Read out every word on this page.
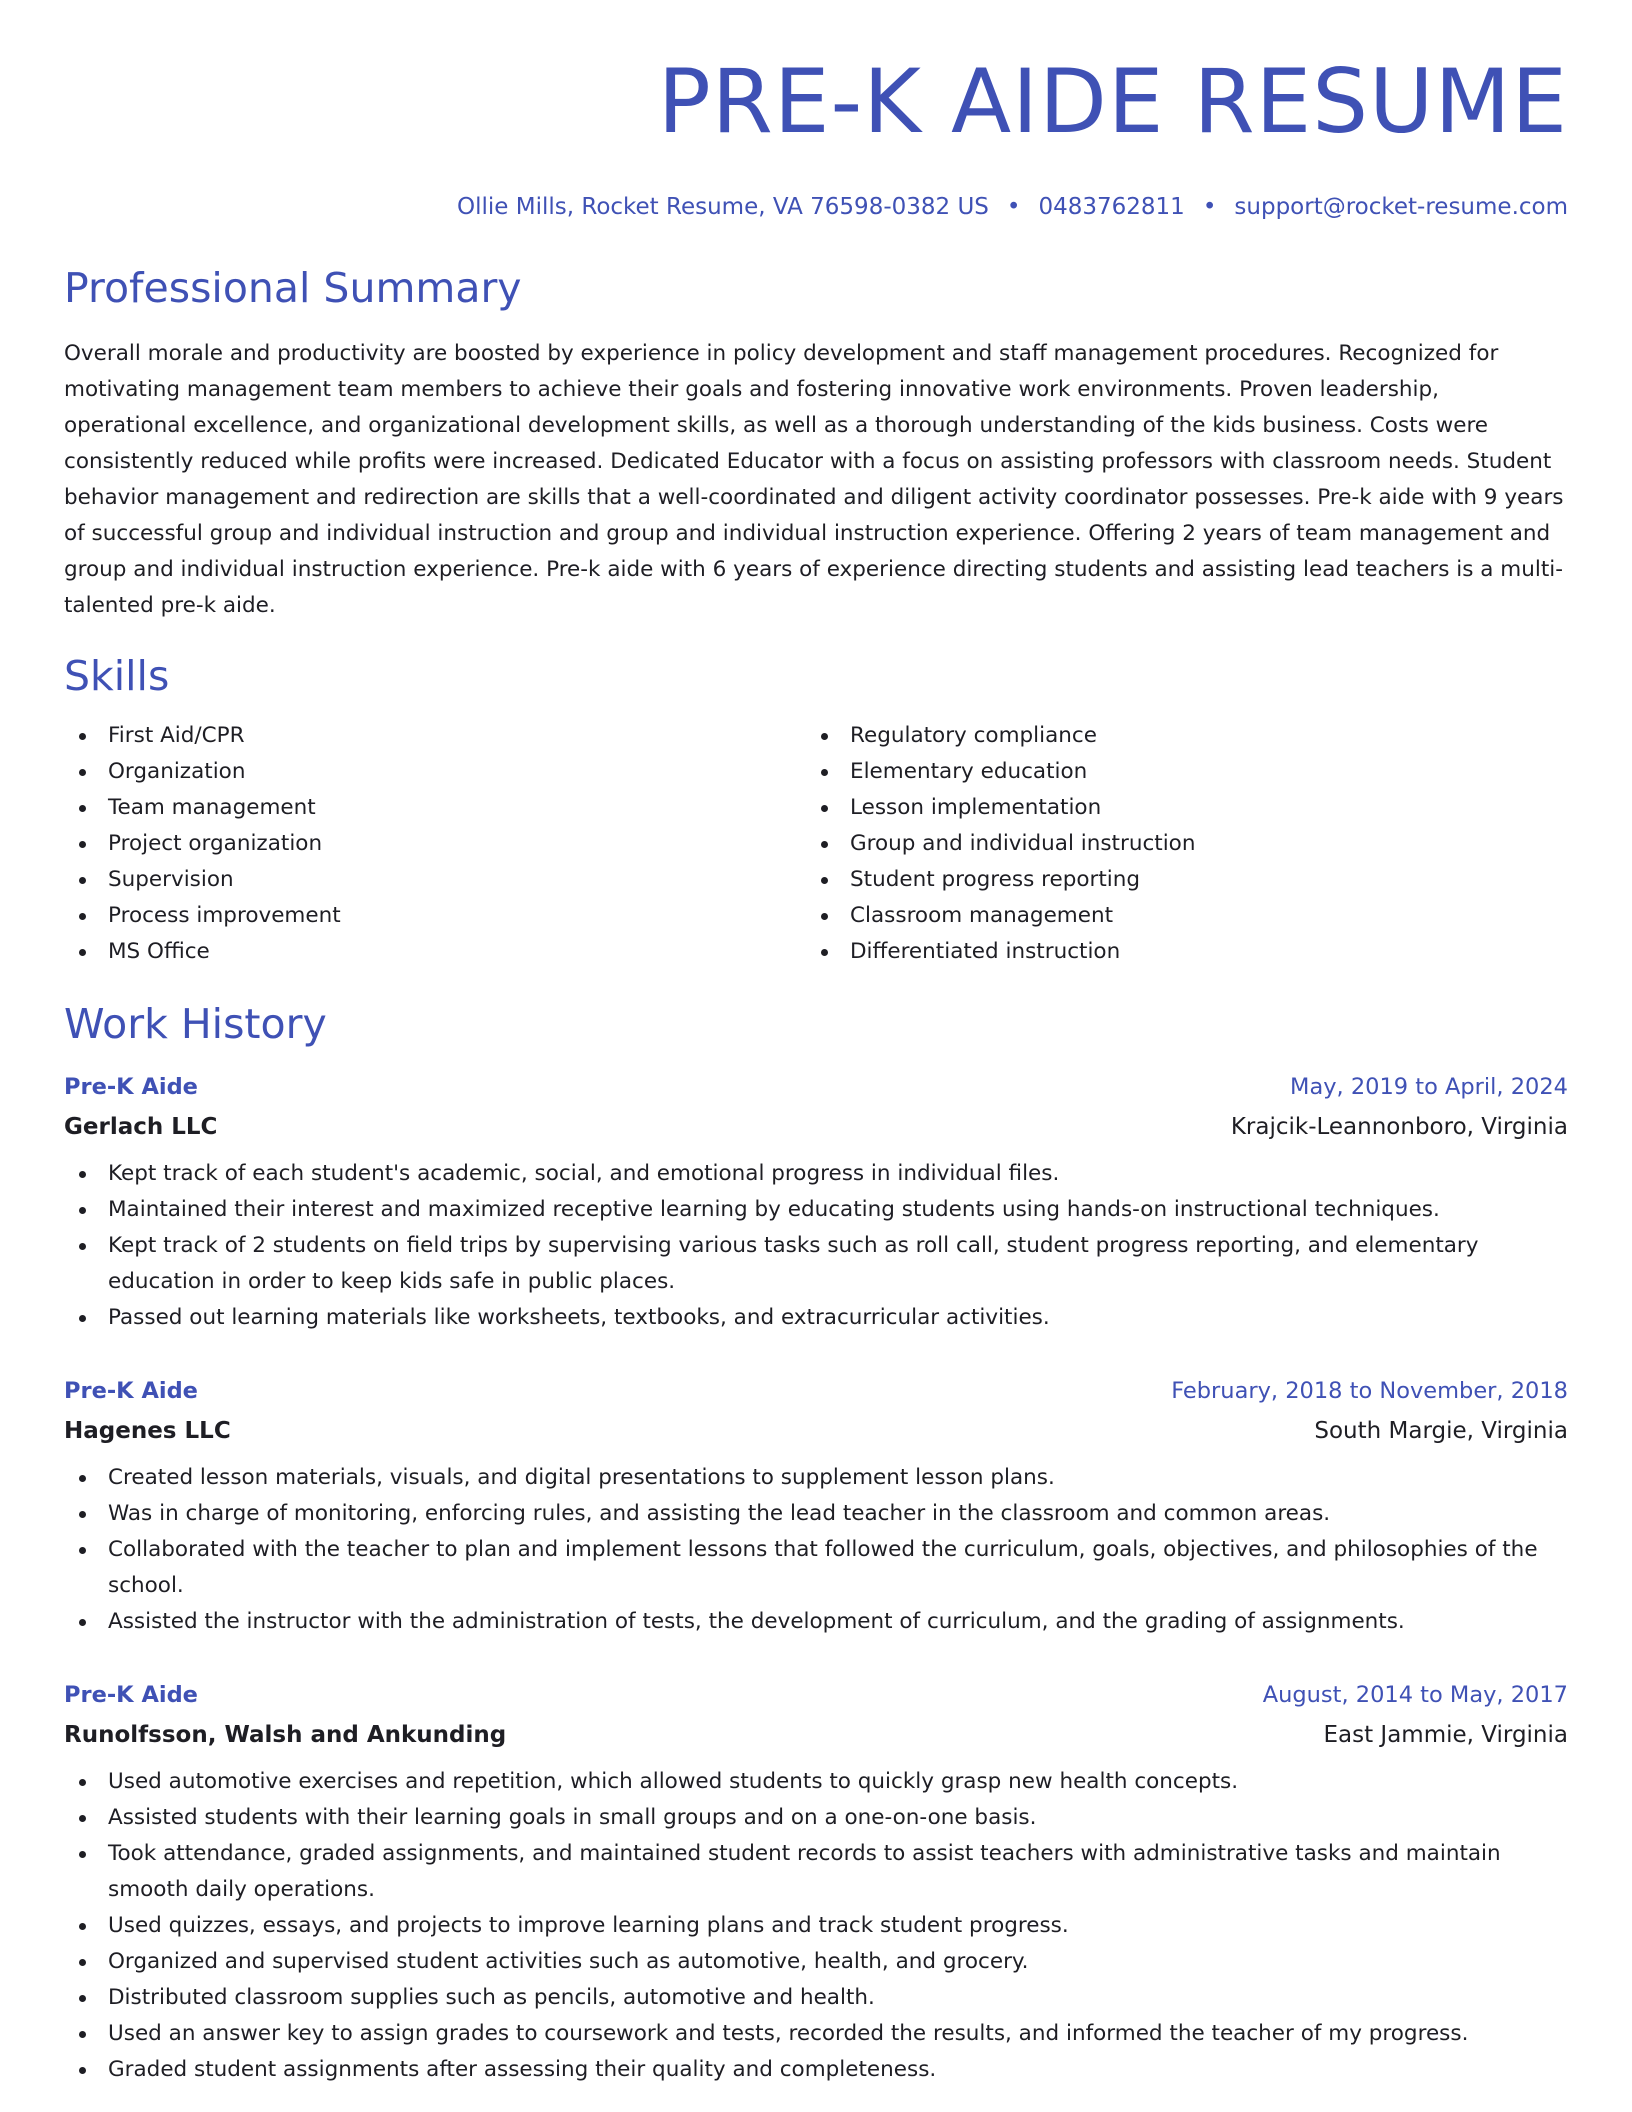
PRE-K AIDE RESUME
Ollie Mills, Rocket Resume, VA 76598-0382 US • 0483762811 • support@rocket-resume.com
Professional Summary

Overall morale and productivity are boosted by experience in policy development and staff management procedures. Recognized for motivating management team members to achieve their goals and fostering innovative work environments. Proven leadership, operational excellence, and organizational development skills, as well as a thorough understanding of the kids business. Costs were consistently reduced while profits were increased. Dedicated Educator with a focus on assisting professors with classroom needs. Student behavior management and redirection are skills that a well-coordinated and diligent activity coordinator possesses. Pre-k aide with 9 years of successful group and individual instruction and group and individual instruction experience. Offering 2 years of team management and group and individual instruction experience. Pre-k aide with 6 years of experience directing students and assisting lead teachers is a multi-talented pre-k aide.

Skills
First Aid/CPR
Organization
Team management
Project organization
Supervision
Process improvement
MS Office
Regulatory compliance
Elementary education
Lesson implementation
Group and individual instruction
Student progress reporting
Classroom management
Differentiated instruction
Work History
Pre-K Aide	May, 2019 to April, 2024
Gerlach LLC	Krajcik-Leannonboro, Virginia
Kept track of each student's academic, social, and emotional progress in individual files.
Maintained their interest and maximized receptive learning by educating students using hands-on instructional techniques.
Kept track of 2 students on field trips by supervising various tasks such as roll call, student progress reporting, and elementary education in order to keep kids safe in public places.
Passed out learning materials like worksheets, textbooks, and extracurricular activities.
Pre-K Aide	February, 2018 to November, 2018
Hagenes LLC	South Margie, Virginia
Created lesson materials, visuals, and digital presentations to supplement lesson plans.
Was in charge of monitoring, enforcing rules, and assisting the lead teacher in the classroom and common areas.
Collaborated with the teacher to plan and implement lessons that followed the curriculum, goals, objectives, and philosophies of the school.
Assisted the instructor with the administration of tests, the development of curriculum, and the grading of assignments.
Pre-K Aide	August, 2014 to May, 2017
Runolfsson, Walsh and Ankunding	East Jammie, Virginia
Used automotive exercises and repetition, which allowed students to quickly grasp new health concepts.
Assisted students with their learning goals in small groups and on a one-on-one basis.
Took attendance, graded assignments, and maintained student records to assist teachers with administrative tasks and maintain smooth daily operations.
Used quizzes, essays, and projects to improve learning plans and track student progress.
Organized and supervised student activities such as automotive, health, and grocery.
Distributed classroom supplies such as pencils, automotive and health.
Used an answer key to assign grades to coursework and tests, recorded the results, and informed the teacher of my progress.
Graded student assignments after assessing their quality and completeness.
